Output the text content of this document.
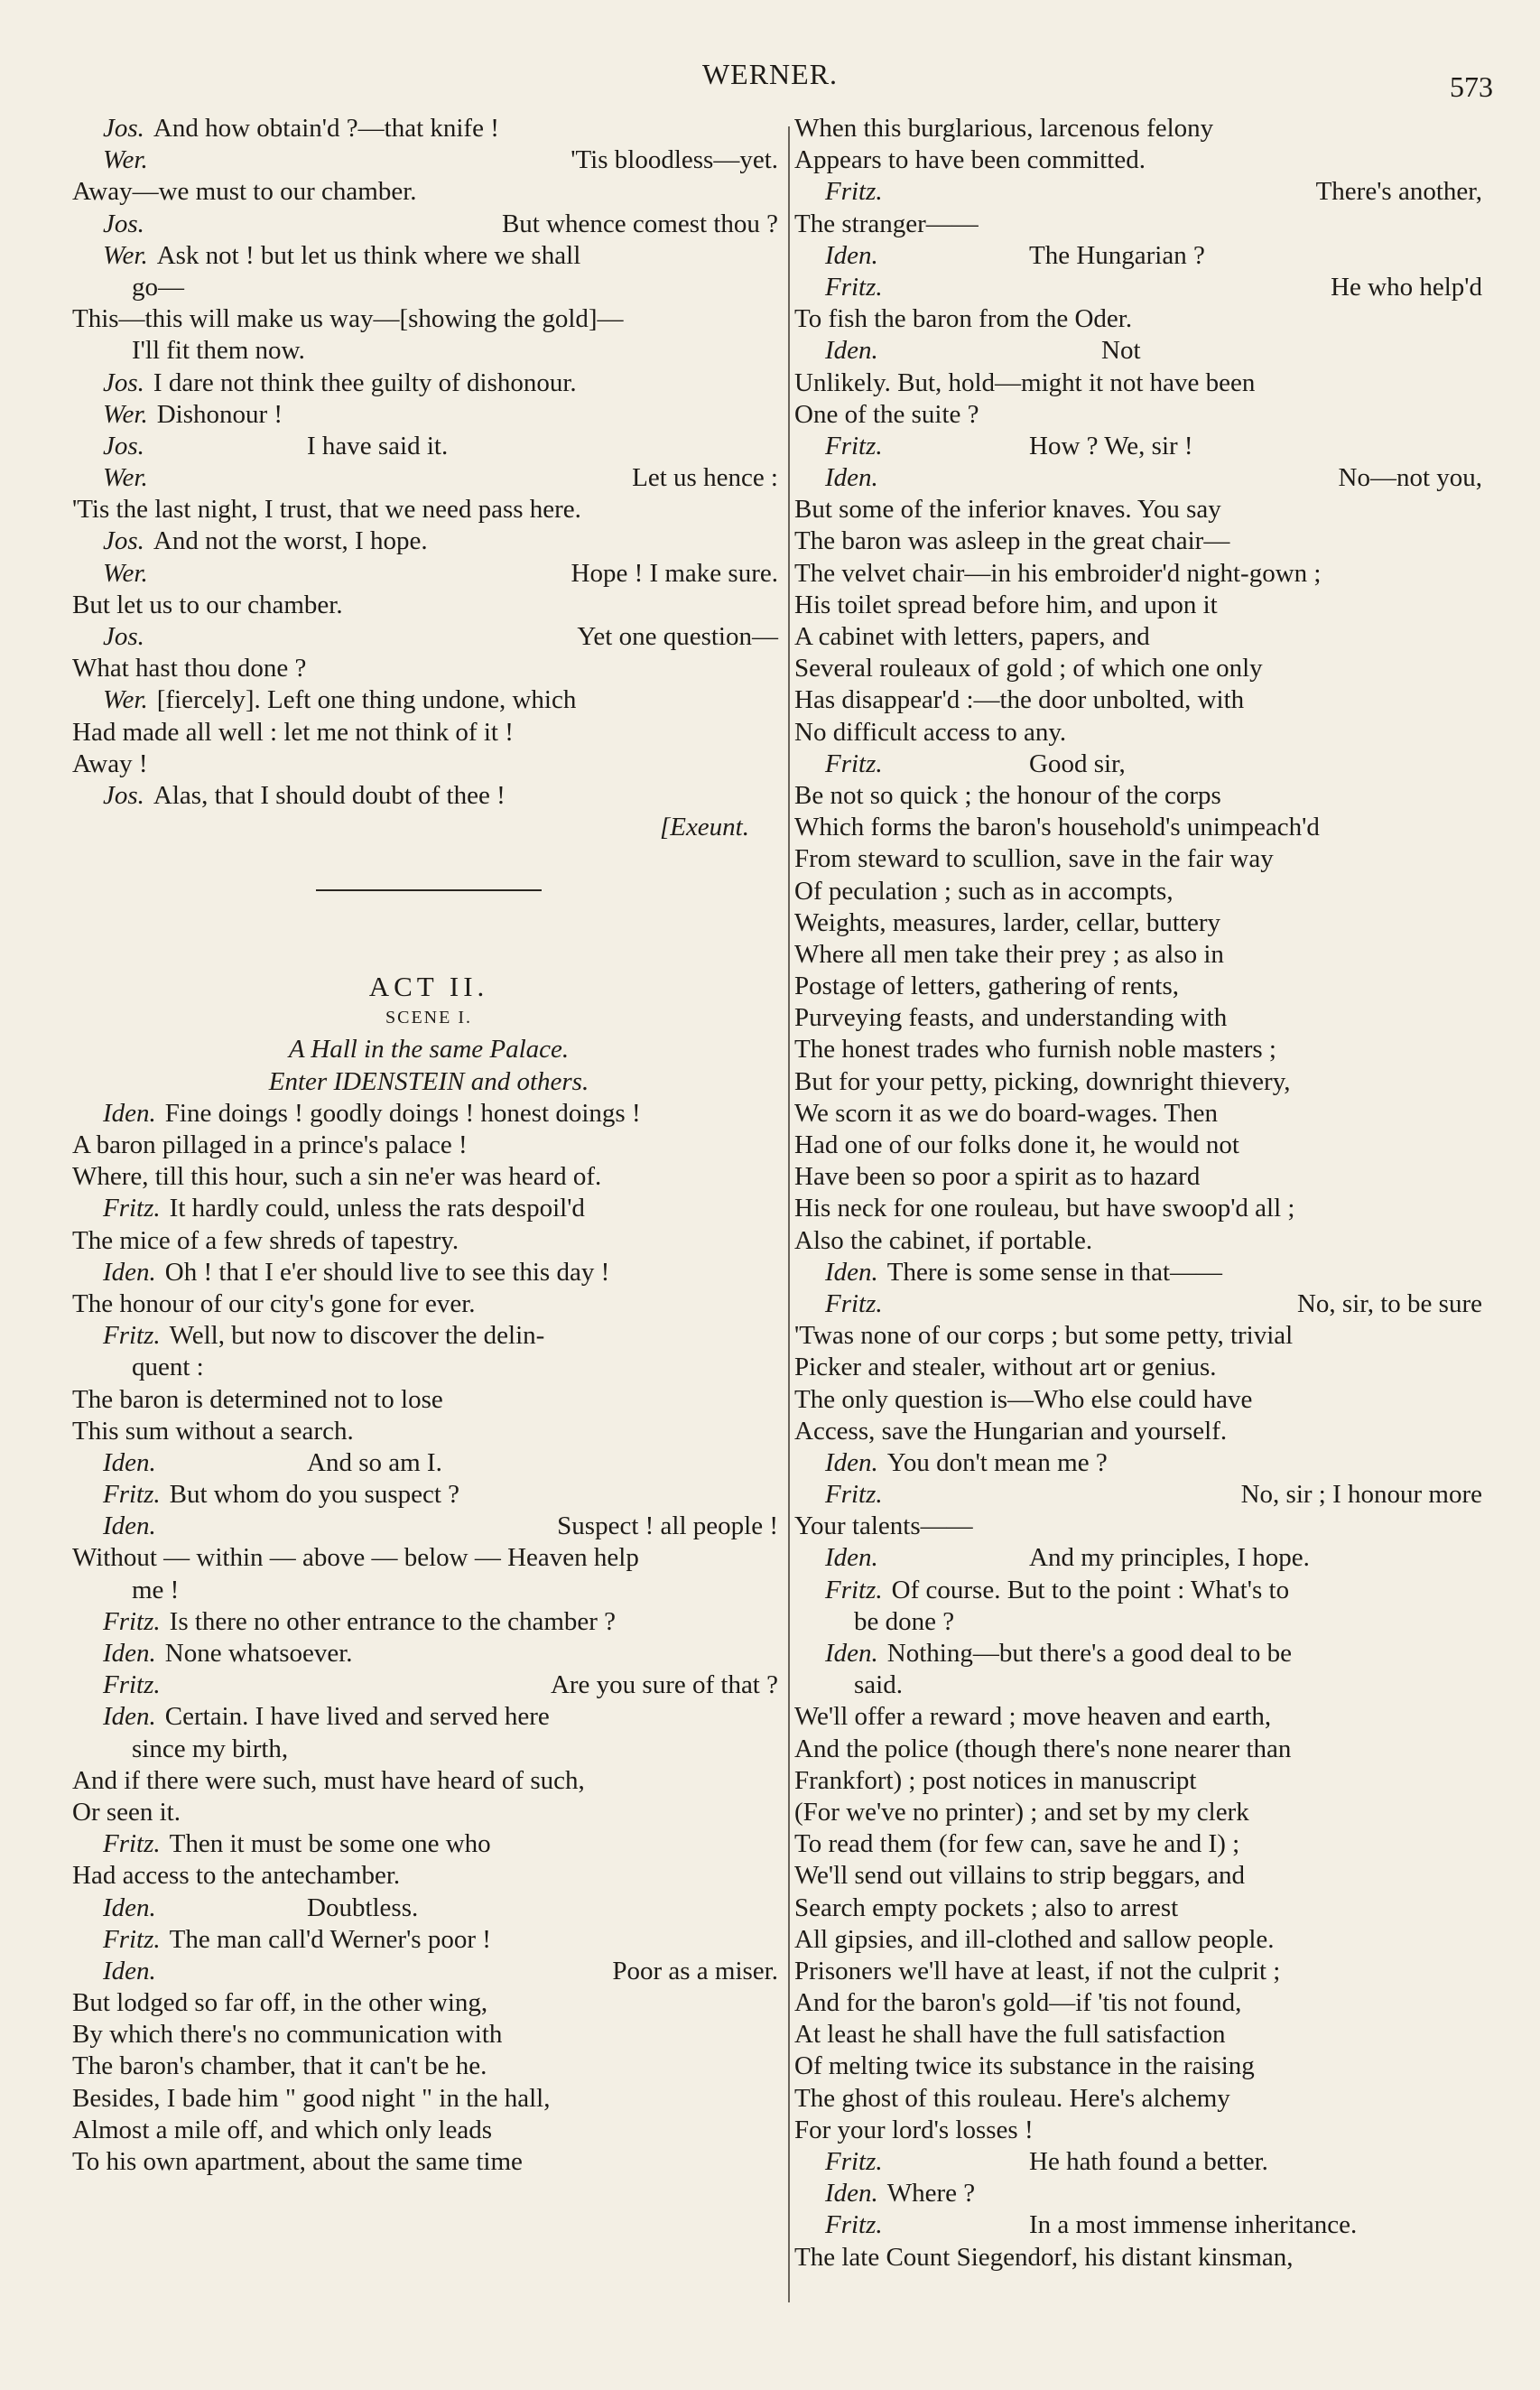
WERNER.	573
Jos. And how obtain'd ?—that knife !
Wer.	'Tis bloodless—yet.
Away—we must to our chamber.
Jos.	But whence comest thou ?
Wer. Ask not ! but let us think where we shall
go—
This—this will make us way—[showing the gold]—
I'll fit them now.
Jos. I dare not think thee guilty of dishonour.
Wer. Dishonour !
Jos.	I have said it.
Wer.	Let us hence :
'Tis the last night, I trust, that we need pass here.
Jos. And not the worst, I hope.
Wer.	Hope ! I make sure.
But let us to our chamber.
Jos.	Yet one question—
What hast thou done ?
Wer. [fiercely]. Left one thing undone, which
Had made all well : let me not think of it !
Away !
Jos. Alas, that I should doubt of thee !
[Exeunt.
ACT II.
SCENE I.
A Hall in the same Palace.
Enter IDENSTEIN and others.
Iden. Fine doings ! goodly doings ! honest doings !
A baron pillaged in a prince's palace !
Where, till this hour, such a sin ne'er was heard of.
Fritz. It hardly could, unless the rats despoil'd
The mice of a few shreds of tapestry.
Iden. Oh ! that I e'er should live to see this day !
The honour of our city's gone for ever.
Fritz. Well, but now to discover the delin-
quent :
The baron is determined not to lose
This sum without a search.
Iden.	And so am I.
Fritz. But whom do you suspect ?
Iden.	Suspect ! all people !
Without — within — above — below — Heaven help
me !
Fritz. Is there no other entrance to the chamber ?
Iden. None whatsoever.
Fritz.	Are you sure of that ?
Iden. Certain. I have lived and served here
since my birth,
And if there were such, must have heard of such,
Or seen it.
Fritz. Then it must be some one who
Had access to the antechamber.
Iden.	Doubtless.
Fritz. The man call'd Werner's poor !
Iden.	Poor as a miser.
But lodged so far off, in the other wing,
By which there's no communication with
The baron's chamber, that it can't be he.
Besides, I bade him " good night " in the hall,
Almost a mile off, and which only leads
To his own apartment, about the same time
When this burglarious, larcenous felony
Appears to have been committed.
Fritz.	There's another,
The stranger——
Iden.	The Hungarian ?
Fritz.	He who help'd
To fish the baron from the Oder.
Iden.	Not
Unlikely. But, hold—might it not have been
One of the suite ?
Fritz.	How ? We, sir !
Iden.	No—not you,
But some of the inferior knaves. You say
The baron was asleep in the great chair—
The velvet chair—in his embroider'd night-gown ;
His toilet spread before him, and upon it
A cabinet with letters, papers, and
Several rouleaux of gold ; of which one only
Has disappear'd :—the door unbolted, with
No difficult access to any.
Fritz.	Good sir,
Be not so quick ; the honour of the corps
Which forms the baron's household's unimpeach'd
From steward to scullion, save in the fair way
Of peculation ; such as in accompts,
Weights, measures, larder, cellar, buttery
Where all men take their prey ; as also in
Postage of letters, gathering of rents,
Purveying feasts, and understanding with
The honest trades who furnish noble masters ;
But for your petty, picking, downright thievery,
We scorn it as we do board-wages. Then
Had one of our folks done it, he would not
Have been so poor a spirit as to hazard
His neck for one rouleau, but have swoop'd all ;
Also the cabinet, if portable.
Iden. There is some sense in that——
Fritz.	No, sir, to be sure
'Twas none of our corps ; but some petty, trivial
Picker and stealer, without art or genius.
The only question is—Who else could have
Access, save the Hungarian and yourself.
Iden. You don't mean me ?
Fritz.	No, sir ; I honour more
Your talents——
Iden.	And my principles, I hope.
Fritz. Of course. But to the point : What's to
be done ?
Iden. Nothing—but there's a good deal to be
said.
We'll offer a reward ; move heaven and earth,
And the police (though there's none nearer than
Frankfort) ; post notices in manuscript
(For we've no printer) ; and set by my clerk
To read them (for few can, save he and I) ;
We'll send out villains to strip beggars, and
Search empty pockets ; also to arrest
All gipsies, and ill-clothed and sallow people.
Prisoners we'll have at least, if not the culprit ;
And for the baron's gold—if 'tis not found,
At least he shall have the full satisfaction
Of melting twice its substance in the raising
The ghost of this rouleau. Here's alchemy
For your lord's losses !
Fritz.	He hath found a better.
Iden. Where ?
Fritz.	In a most immense inheritance.
The late Count Siegendorf, his distant kinsman,
